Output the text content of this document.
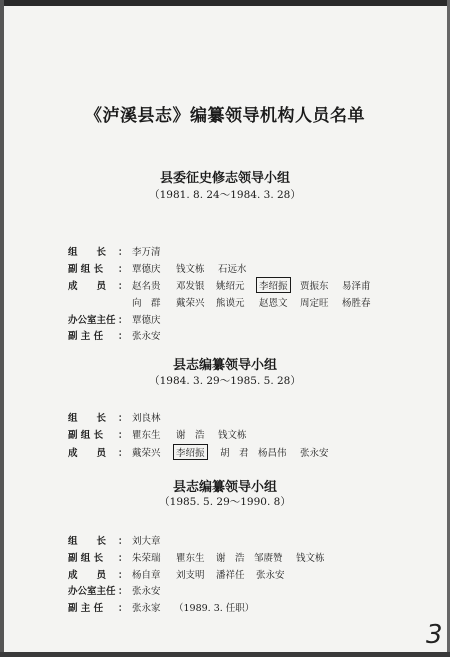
《泸溪县志》编纂领导机构人员名单
县委征史修志领导小组
（1981. 8. 24～1984. 3. 28）
组　　长 ： 李万清
副 组 长 ： 覃德庆 钱文栋 石远水
成　　员 ： 赵名贵 邓发银 姚绍元	李绍振	贾振东 易泽甫
向　群 戴荣兴 熊谟元 赵恩文 周定旺 杨胜春
办公室主任 ： 覃德庆
副 主 任 ： 张永安
县志编纂领导小组
（1984. 3. 29～1985. 5. 28）
组　　长 ： 刘良林
副 组 长 ： 瞿东生 谢　浩 钱文栋
成　　员 ： 戴荣兴	李绍振	胡　君 杨昌伟 张永安
县志编纂领导小组
（1985. 5. 29～1990. 8）
组　　长 ： 刘大章
副 组 长 ： 朱荣瑞 瞿东生 谢　浩 邹赓赞 钱文栋
成　　员 ： 杨自章 刘支明 潘祥任 张永安
办公室主任 ： 张永安
副 主 任 ： 张永家 （1989. 3. 任职）
3
